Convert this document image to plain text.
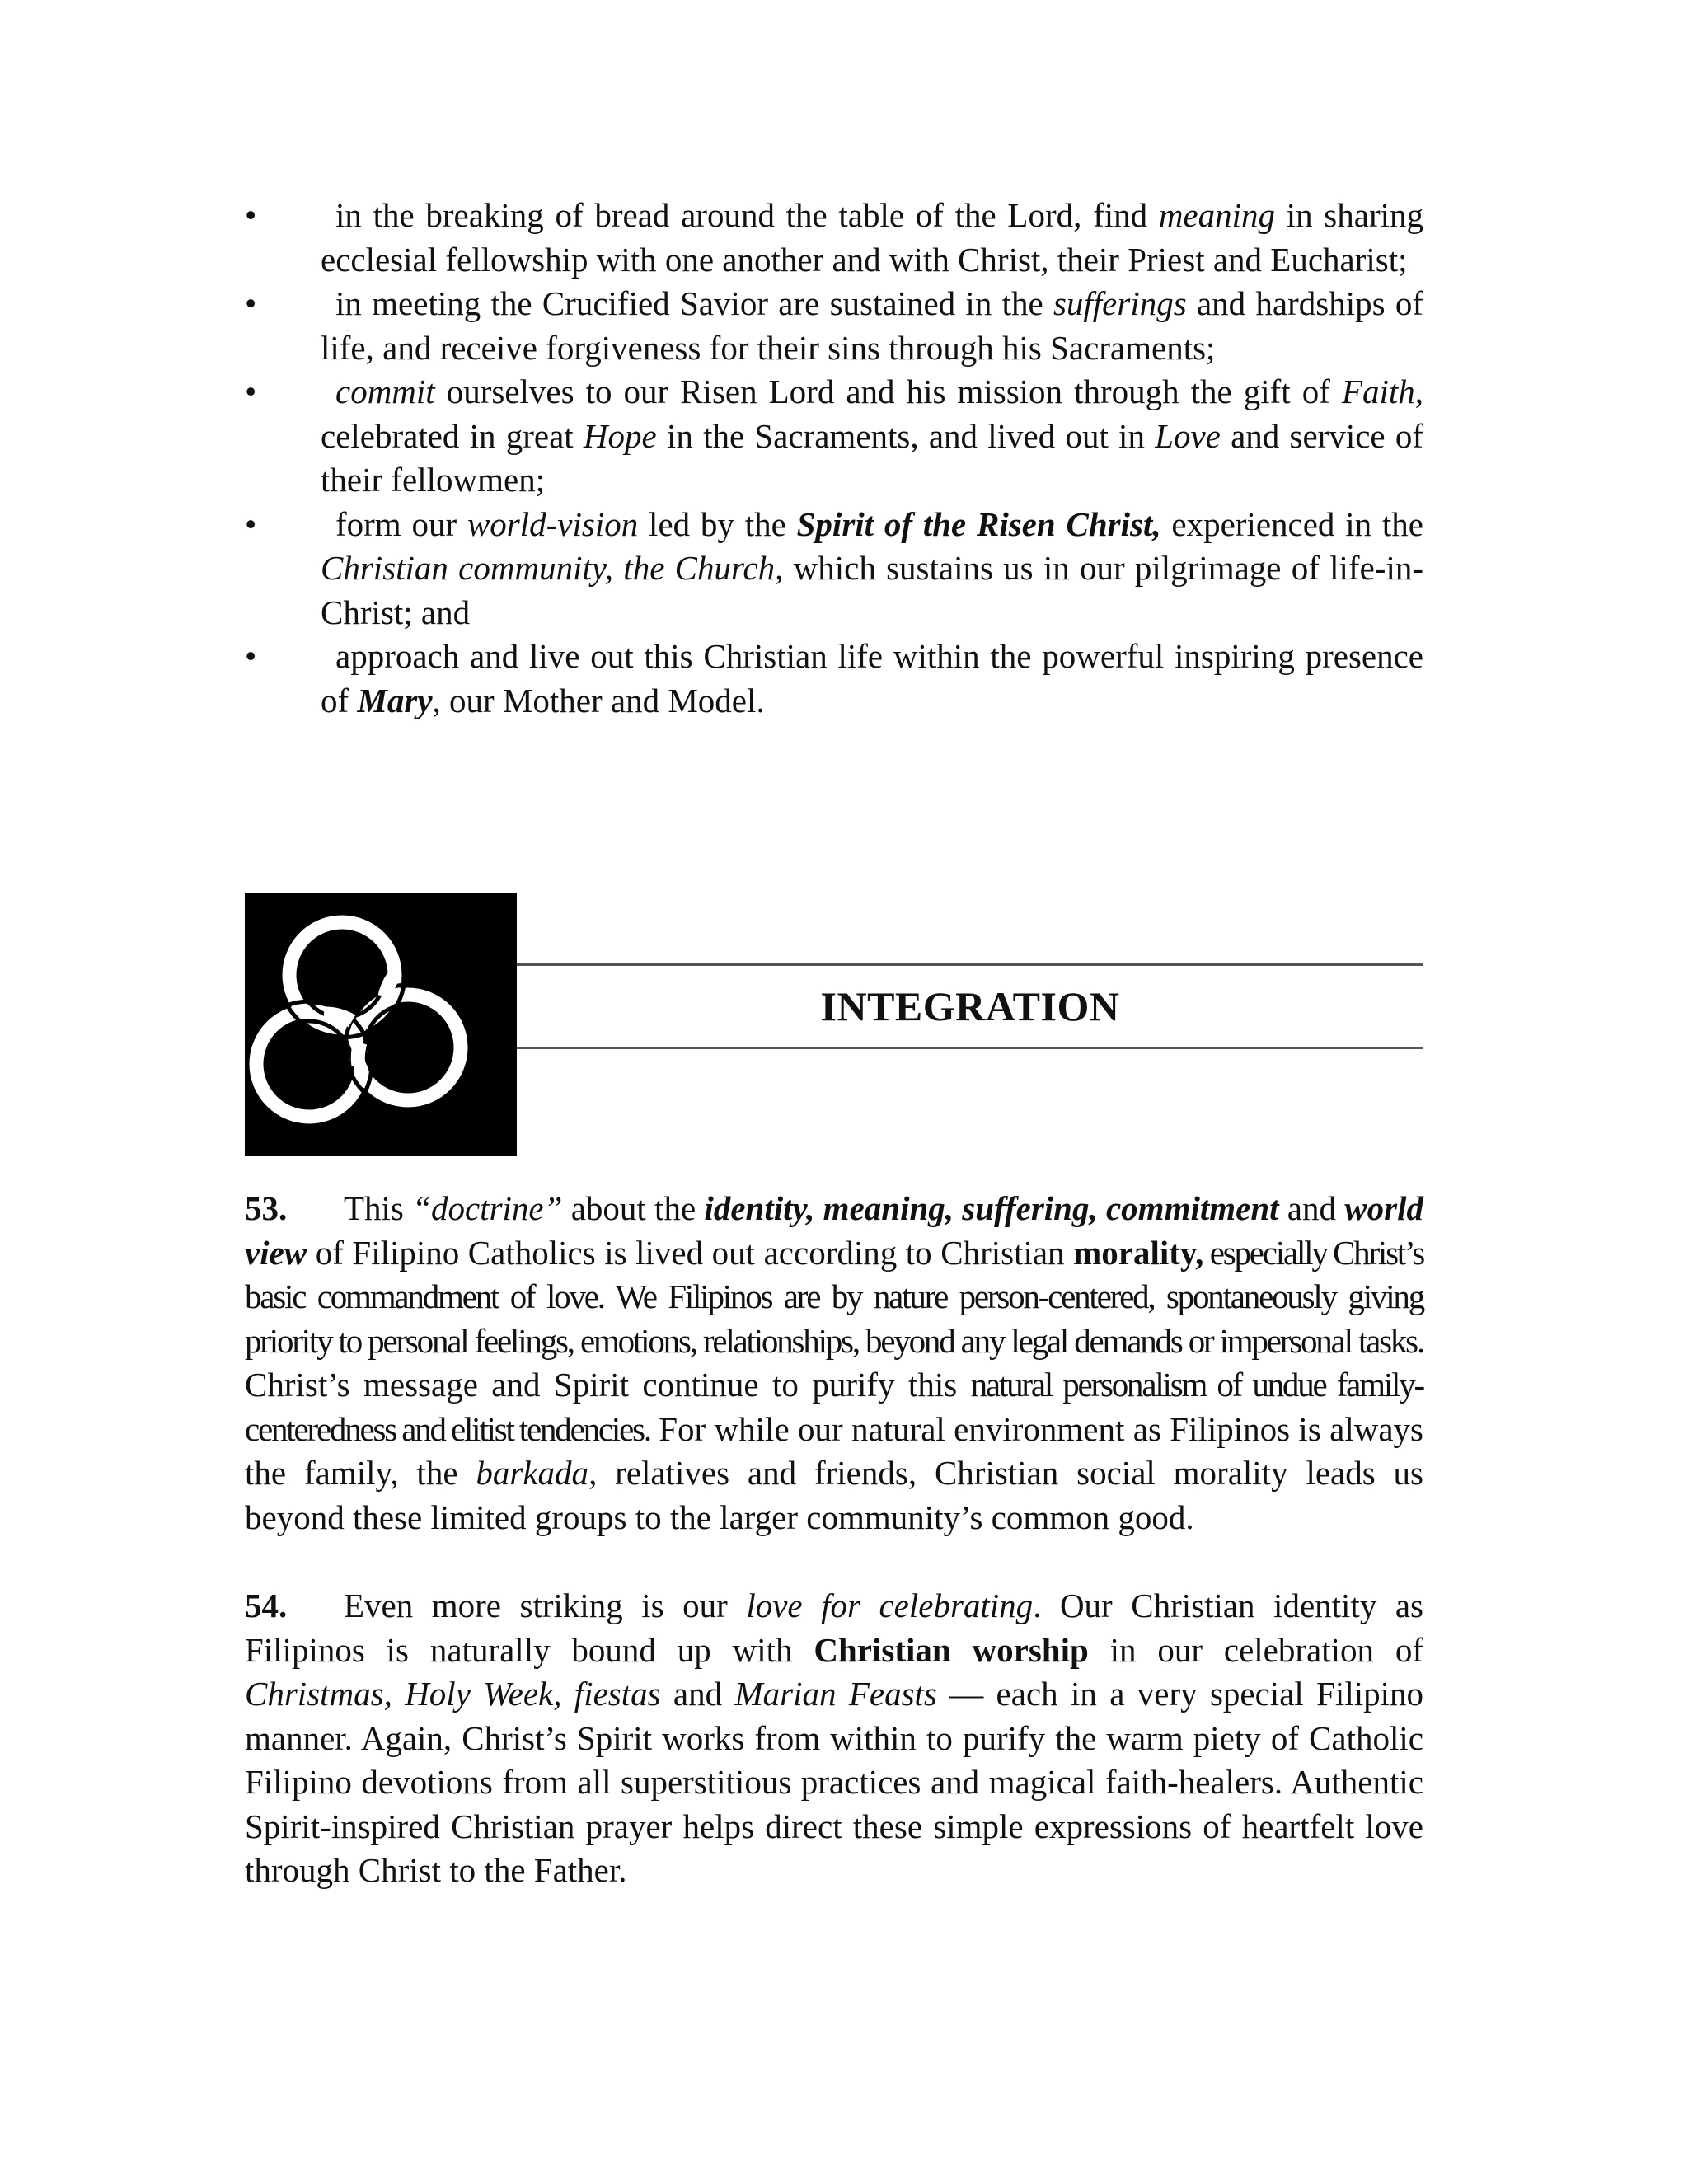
• in the breaking of bread around the table of the Lord, find meaning in sharing ecclesial fellowship with one another and with Christ, their Priest and Eucharist;
• in meeting the Crucified Savior are sustained in the sufferings and hardships of life, and receive forgiveness for their sins through his Sacraments;
• commit ourselves to our Risen Lord and his mission through the gift of Faith, celebrated in great Hope in the Sacraments, and lived out in Love and service of their fellowmen;
• form our world-vision led by the Spirit of the Risen Christ, experienced in the Christian community, the Church, which sustains us in our pilgrimage of life-in-Christ; and
• approach and live out this Christian life within the powerful inspiring presence of Mary, our Mother and Model.
INTEGRATION

53. This “doctrine” about the identity, meaning, suffering, commitment and world view of Filipino Catholics is lived out according to Christian morality, especially Christ’s basic commandment of love. We Filipinos are by nature person-centered, spontaneously giving priority to personal feelings, emotions, relationships, beyond any legal demands or impersonal tasks. Christ’s message and Spirit continue to purify this natural personalism of undue family-centeredness and elitist tendencies. For while our natural environment as Filipinos is always the family, the barkada, relatives and friends, Christian social morality leads us beyond these limited groups to the larger community’s common good.

54. Even more striking is our love for celebrating. Our Christian identity as Filipinos is naturally bound up with Christian worship in our celebration of Christmas, Holy Week, fiestas and Marian Feasts — each in a very special Filipino manner. Again, Christ’s Spirit works from within to purify the warm piety of Catholic Filipino devotions from all superstitious practices and magical faith-healers. Authentic Spirit-inspired Christian prayer helps direct these simple expressions of heartfelt love through Christ to the Father.
